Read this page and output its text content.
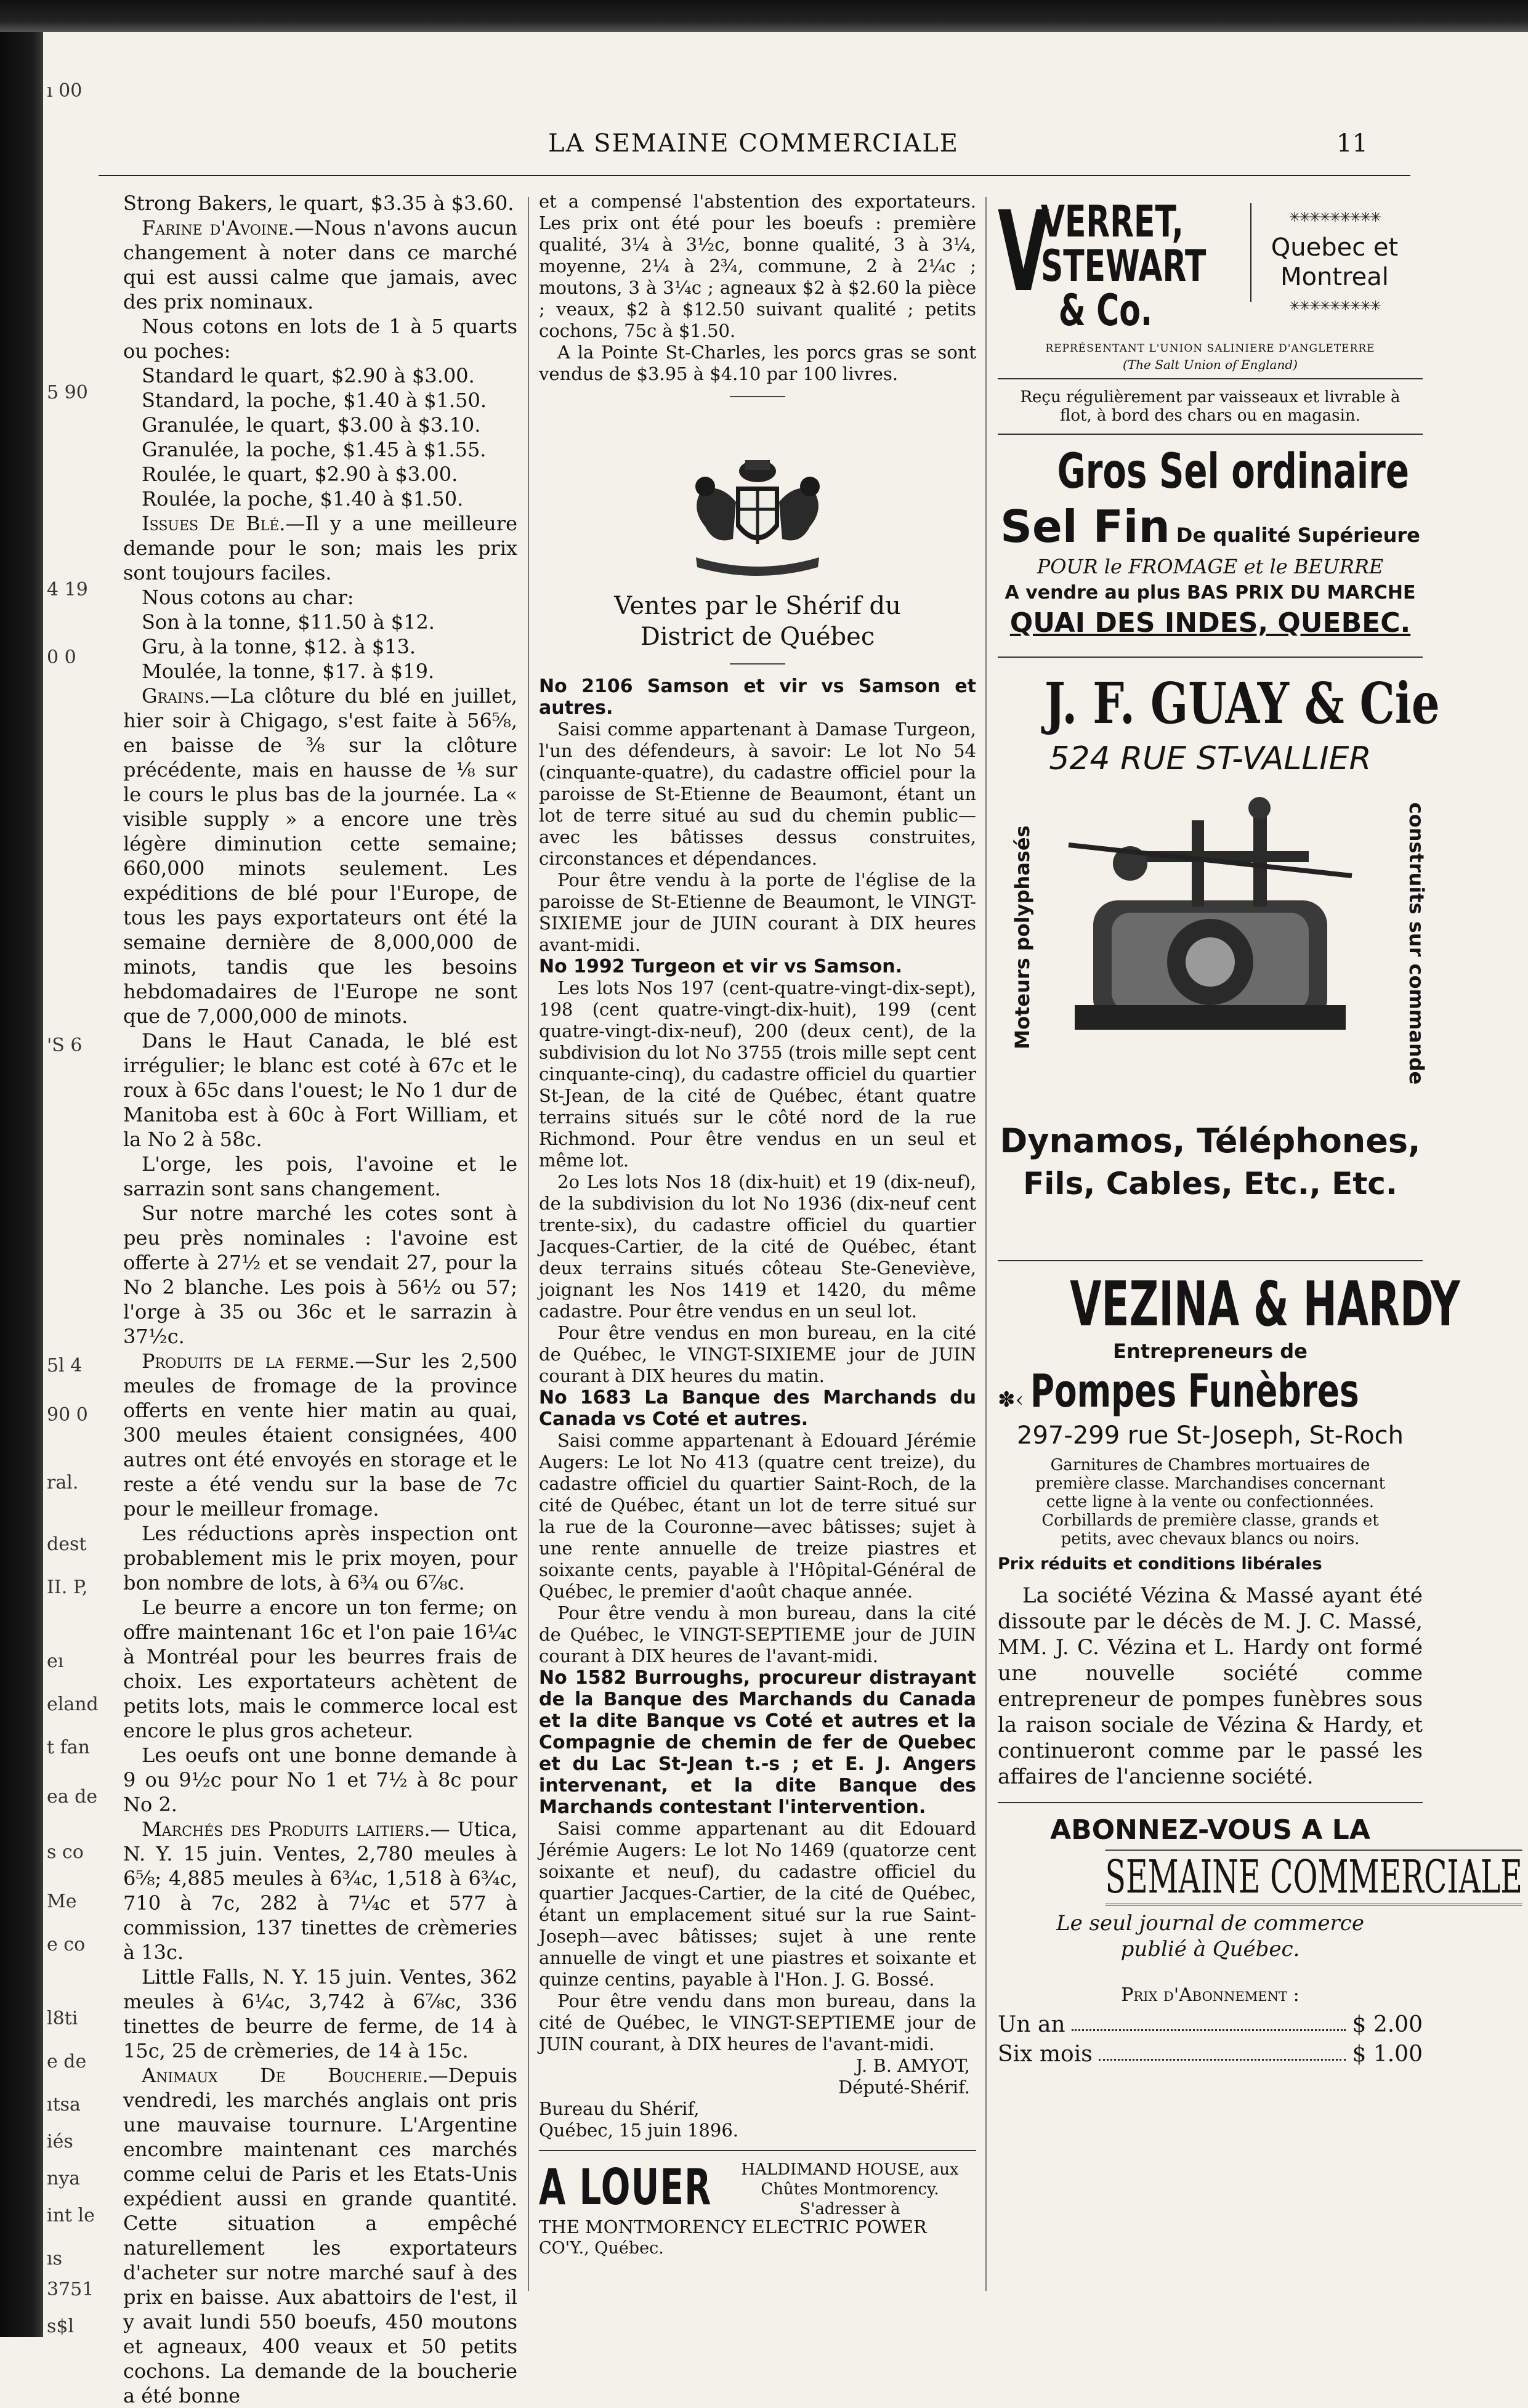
ı 00
5 90
4 19
0 0
'S 6
5l 4
90 0
ral.
dest
II. P,
eı
eland
t fan
ea de
s co
Me
e co
l8ti
e de
ıtsa
iés
nya
int le
ıs
3751
s$l
LA SEMAINE COMMERCIALE	11

Strong Bakers, le quart, $3.35 à $3.60.

Farine d'Avoine.—Nous n'avons aucun changement à noter dans ce marché qui est aussi calme que jamais, avec des prix nominaux.

Nous cotons en lots de 1 à 5 quarts ou poches:

Standard le quart, $2.90 à $3.00.

Standard, la poche, $1.40 à $1.50.

Granulée, le quart, $3.00 à $3.10.

Granulée, la poche, $1.45 à $1.55.

Roulée, le quart, $2.90 à $3.00.

Roulée, la poche, $1.40 à $1.50.

Issues De Blé.—Il y a une meilleure demande pour le son; mais les prix sont toujours faciles.

Nous cotons au char:

Son à la tonne, $11.50 à $12.

Gru, à la tonne, $12. à $13.

Moulée, la tonne, $17. à $19.

Grains.—La clôture du blé en juillet, hier soir à Chigago, s'est faite à 56⅝, en baisse de ⅜ sur la clôture précédente, mais en hausse de ⅛ sur le cours le plus bas de la journée. La « visible supply » a encore une très légère diminution cette semaine; 660,000 minots seulement. Les expéditions de blé pour l'Europe, de tous les pays exportateurs ont été la semaine dernière de 8,000,000 de minots, tandis que les besoins hebdomadaires de l'Europe ne sont que de 7,000,000 de minots.

Dans le Haut Canada, le blé est irrégulier; le blanc est coté à 67c et le roux à 65c dans l'ouest; le No 1 dur de Manitoba est à 60c à Fort William, et la No 2 à 58c.

L'orge, les pois, l'avoine et le sarrazin sont sans changement.

Sur notre marché les cotes sont à peu près nominales : l'avoine est offerte à 27½ et se vendait 27, pour la No 2 blanche. Les pois à 56½ ou 57; l'orge à 35 ou 36c et le sarrazin à 37½c.

Produits de la ferme.—Sur les 2,500 meules de fromage de la province offerts en vente hier matin au quai, 300 meules étaient consignées, 400 autres ont été envoyés en storage et le reste a été vendu sur la base de 7c pour le meilleur fromage.

Les réductions après inspection ont probablement mis le prix moyen, pour bon nombre de lots, à 6¾ ou 6⅞c.

Le beurre a encore un ton ferme; on offre maintenant 16c et l'on paie 16¼c à Montréal pour les beurres frais de choix. Les exportateurs achètent de petits lots, mais le commerce local est encore le plus gros acheteur.

Les oeufs ont une bonne demande à 9 ou 9½c pour No 1 et 7½ à 8c pour No 2.

Marchés des Produits laitiers.— Utica, N. Y. 15 juin. Ventes, 2,780 meules à 6⅝; 4,885 meules à 6¾c, 1,518 à 6¾c, 710 à 7c, 282 à 7¼c et 577 à commission, 137 tinettes de crèmeries à 13c.

Little Falls, N. Y. 15 juin. Ventes, 362 meules à 6¼c, 3,742 à 6⅞c, 336 tinettes de beurre de ferme, de 14 à 15c, 25 de crèmeries, de 14 à 15c.

Animaux De Boucherie.—Depuis vendredi, les marchés anglais ont pris une mauvaise tournure. L'Argentine encombre maintenant ces marchés comme celui de Paris et les Etats-Unis expédient aussi en grande quantité. Cette situation a empêché naturellement les exportateurs d'acheter sur notre marché sauf à des prix en baisse. Aux abattoirs de l'est, il y avait lundi 550 boeufs, 450 moutons et agneaux, 400 veaux et 50 petits cochons. La demande de la boucherie a été bonne

et a compensé l'abstention des exportateurs. Les prix ont été pour les boeufs : première qualité, 3¼ à 3½c, bonne qualité, 3 à 3¼, moyenne, 2¼ à 2¾, commune, 2 à 2¼c ; moutons, 3 à 3¼c ; agneaux $2 à $2.60 la pièce ; veaux, $2 à $12.50 suivant qualité ; petits cochons, 75c à $1.50.

A la Pointe St-Charles, les porcs gras se sont vendus de $3.95 à $4.10 par 100 livres.

Ventes par le Shérif du District de Québec

No 2106 Samson et vir vs Samson et autres.

Saisi comme appartenant à Damase Turgeon, l'un des défendeurs, à savoir: Le lot No 54 (cinquante-quatre), du cadastre officiel pour la paroisse de St-Etienne de Beaumont, étant un lot de terre situé au sud du chemin public—avec les bâtisses dessus construites, circonstances et dépendances.

Pour être vendu à la porte de l'église de la paroisse de St-Etienne de Beaumont, le VINGT-SIXIEME jour de JUIN courant à DIX heures avant-midi.

No 1992 Turgeon et vir vs Samson.

Les lots Nos 197 (cent-quatre-vingt-dix-sept), 198 (cent quatre-vingt-dix-huit), 199 (cent quatre-vingt-dix-neuf), 200 (deux cent), de la subdivision du lot No 3755 (trois mille sept cent cinquante-cinq), du cadastre officiel du quartier St-Jean, de la cité de Québec, étant quatre terrains situés sur le côté nord de la rue Richmond. Pour être vendus en un seul et même lot.

2o Les lots Nos 18 (dix-huit) et 19 (dix-neuf), de la subdivision du lot No 1936 (dix-neuf cent trente-six), du cadastre officiel du quartier Jacques-Cartier, de la cité de Québec, étant deux terrains situés côteau Ste-Geneviève, joignant les Nos 1419 et 1420, du même cadastre. Pour être vendus en un seul lot.

Pour être vendus en mon bureau, en la cité de Québec, le VINGT-SIXIEME jour de JUIN courant à DIX heures du matin.

No 1683 La Banque des Marchands du Canada vs Coté et autres.

Saisi comme appartenant à Edouard Jérémie Augers: Le lot No 413 (quatre cent treize), du cadastre officiel du quartier Saint-Roch, de la cité de Québec, étant un lot de terre situé sur la rue de la Couronne—avec bâtisses; sujet à une rente annuelle de treize piastres et soixante cents, payable à l'Hôpital-Général de Québec, le premier d'août chaque année.

Pour être vendu à mon bureau, dans la cité de Québec, le VINGT-SEPTIEME jour de JUIN courant à DIX heures de l'avant-midi.

No 1582 Burroughs, procureur distrayant de la Banque des Marchands du Canada et la dite Banque vs Coté et autres et la Compagnie de chemin de fer de Quebec et du Lac St-Jean t.-s ; et E. J. Angers intervenant, et la dite Banque des Marchands contestant l'intervention.

Saisi comme appartenant au dit Edouard Jérémie Augers: Le lot No 1469 (quatorze cent soixante et neuf), du cadastre officiel du quartier Jacques-Cartier, de la cité de Québec, étant un emplacement situé sur la rue Saint-Joseph—avec bâtisses; sujet à une rente annuelle de vingt et une piastres et soixante et quinze centins, payable à l'Hon. J. G. Bossé.

Pour être vendu dans mon bureau, dans la cité de Québec, le VINGT-SEPTIEME jour de JUIN courant, à DIX heures de l'avant-midi.

J. B. AMYOT,
Député-Shérif.
Bureau du Shérif,
Québec, 15 juin 1896.
A LOUER	HALDIMAND HOUSE, aux
Chûtes Montmorency.
S'adresser à
THE MONTMORENCY ELECTRIC POWER
CO'Y., Québec.
V
VERRET,
STEWART
& Co.
✳✳✳✳✳✳✳✳✳
Quebec et
Montreal
✳✳✳✳✳✳✳✳✳
REPRÉSENTANT L'UNION SALINIERE D'ANGLETERRE
(The Salt Union of England)
Reçu régulièrement par vaisseaux et livrable à flot, à bord des chars ou en magasin.
Gros Sel ordinaire
Sel Fin De qualité Supérieure
POUR le FROMAGE et le BEURRE
A vendre au plus BAS PRIX DU MARCHE
QUAI DES INDES, QUEBEC.
J. F. GUAY & Cie
524 RUE ST-VALLIER
Moteurs polyphasés	construits sur commande
Dynamos, Téléphones,
Fils, Cables, Etc., Etc.
VEZINA & HARDY
Entrepreneurs de
✽‹ Pompes Funèbres
297-299 rue St-Joseph, St-Roch
Garnitures de Chambres mortuaires de première classe. Marchandises concernant cette ligne à la vente ou confectionnées. Corbillards de première classe, grands et petits, avec chevaux blancs ou noirs.
Prix réduits et conditions libérales
La société Vézina & Massé ayant été dissoute par le décès de M. J. C. Massé, MM. J. C. Vézina et L. Hardy ont formé une nouvelle société comme entrepreneur de pompes funèbres sous la raison sociale de Vézina & Hardy, et continueront comme par le passé les affaires de l'ancienne société.
ABONNEZ-VOUS A LA
SEMAINE COMMERCIALE
Le seul journal de commerce publié à Québec.
Prix d'Abonnement :
Un an	$ 2.00
Six mois	$ 1.00
